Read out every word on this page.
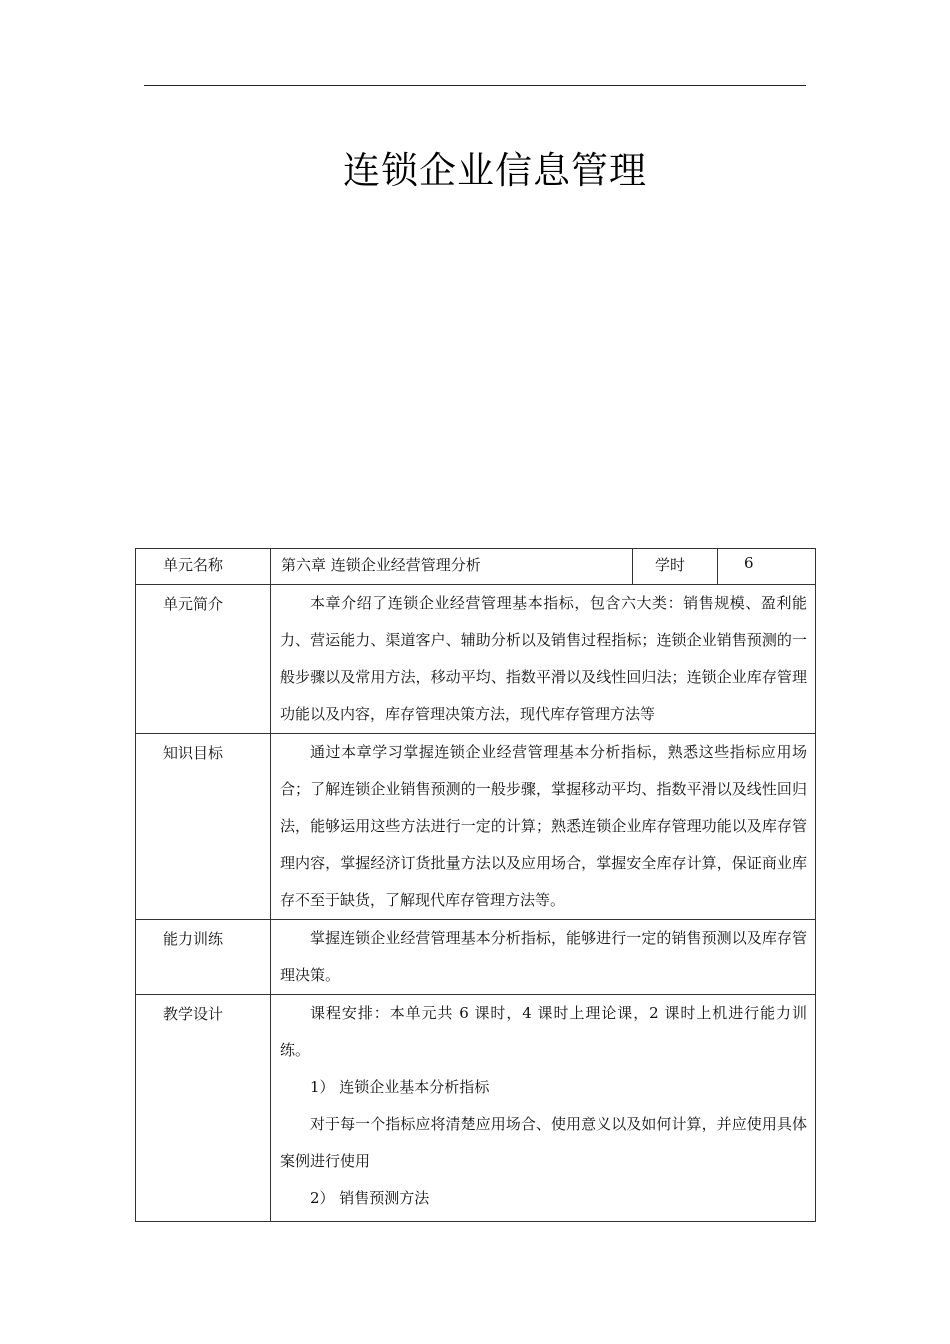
连锁企业信息管理
单元名称	第六章 连锁企业经营管理分析	学时	6
单元简介	本章介绍了连锁企业经营管理基本指标，包含六大类：销售规模、盈利能力、营运能力、渠道客户、辅助分析以及销售过程指标；连锁企业销售预测的一般步骤以及常用方法，移动平均、指数平滑以及线性回归法；连锁企业库存管理功能以及内容，库存管理决策方法，现代库存管理方法等		

知识目标	通过本章学习掌握连锁企业经营管理基本分析指标，熟悉这些指标应用场合；了解连锁企业销售预测的一般步骤，掌握移动平均、指数平滑以及线性回归法，能够运用这些方法进行一定的计算；熟悉连锁企业库存管理功能以及库存管理内容，掌握经济订货批量方法以及应用场合，掌握安全库存计算，保证商业库存不至于缺货，了解现代库存管理方法等。		

能力训练	掌握连锁企业经营管理基本分析指标，能够进行一定的销售预测以及库存管理决策。		

教学设计	课程安排：本单元共 6 课时，4 课时上理论课，2 课时上机进行能力训练。

1） 连锁企业基本分析指标

对于每一个指标应将清楚应用场合、使用意义以及如何计算，并应使用具体案例进行使用

2） 销售预测方法		
